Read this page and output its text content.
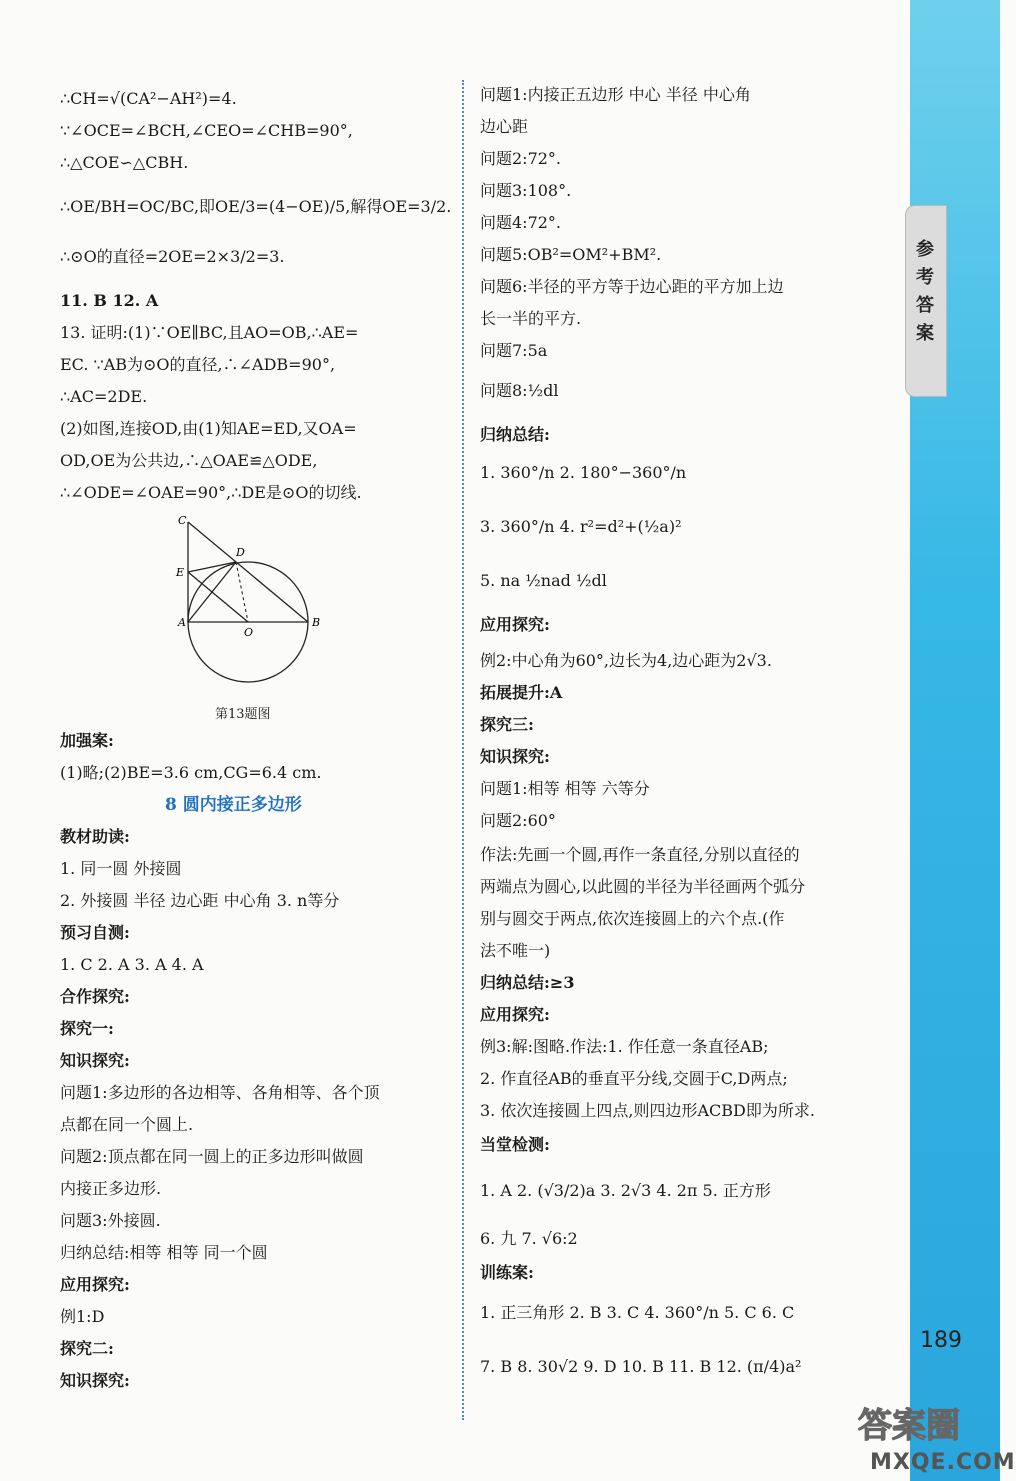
参考答案
∴CH=√(CA²−AH²)=4.
∵∠OCE=∠BCH,∠CEO=∠CHB=90°,
∴△COE∽△CBH.
∴OE/BH=OC/BC,即OE/3=(4−OE)/5,解得OE=3/2.
∴⊙O的直径=2OE=2×3/2=3.
11. B 12. A
13. 证明:(1)∵OE∥BC,且AO=OB,∴AE=
EC. ∵AB为⊙O的直径,∴∠ADB=90°,
∴AC=2DE.
(2)如图,连接OD,由(1)知AE=ED,又OA=
OD,OE为公共边,∴△OAE≌△ODE,
∴∠ODE=∠OAE=90°,∴DE是⊙O的切线.
加强案:
(1)略;(2)BE=3.6 cm,CG=6.4 cm.
8 圆内接正多边形
教材助读:
1. 同一圆 外接圆
2. 外接圆 半径 边心距 中心角 3. n等分
预习自测:
1. C 2. A 3. A 4. A
合作探究:
探究一:
知识探究:
问题1:多边形的各边相等、各角相等、各个顶
点都在同一个圆上.
问题2:顶点都在同一圆上的正多边形叫做圆
内接正多边形.
问题3:外接圆.
归纳总结:相等 相等 同一个圆
应用探究:
例1:D
探究二:
知识探究:
C
D
E
A
O
B
第13题图
问题1:内接正五边形 中心 半径 中心角
边心距
问题2:72°.
问题3:108°.
问题4:72°.
问题5:OB²=OM²+BM².
问题6:半径的平方等于边心距的平方加上边
长一半的平方.
问题7:5a
问题8:½dl
归纳总结:
1. 360°/n 2. 180°−360°/n
3. 360°/n 4. r²=d²+(½a)²
5. na ½nad ½dl
应用探究:
例2:中心角为60°,边长为4,边心距为2√3.
拓展提升:A
探究三:
知识探究:
问题1:相等 相等 六等分
问题2:60°
作法:先画一个圆,再作一条直径,分别以直径的
两端点为圆心,以此圆的半径为半径画两个弧分
别与圆交于两点,依次连接圆上的六个点.(作
法不唯一)
归纳总结:≥3
应用探究:
例3:解:图略.作法:1. 作任意一条直径AB;
2. 作直径AB的垂直平分线,交圆于C,D两点;
3. 依次连接圆上四点,则四边形ACBD即为所求.
当堂检测:
1. A 2. (√3/2)a 3. 2√3 4. 2π 5. 正方形
6. 九 7. √6:2
训练案:
1. 正三角形 2. B 3. C 4. 360°/n 5. C 6. C
7. B 8. 30√2 9. D 10. B 11. B 12. (π/4)a²
189
答案圈
MXQE.COM
